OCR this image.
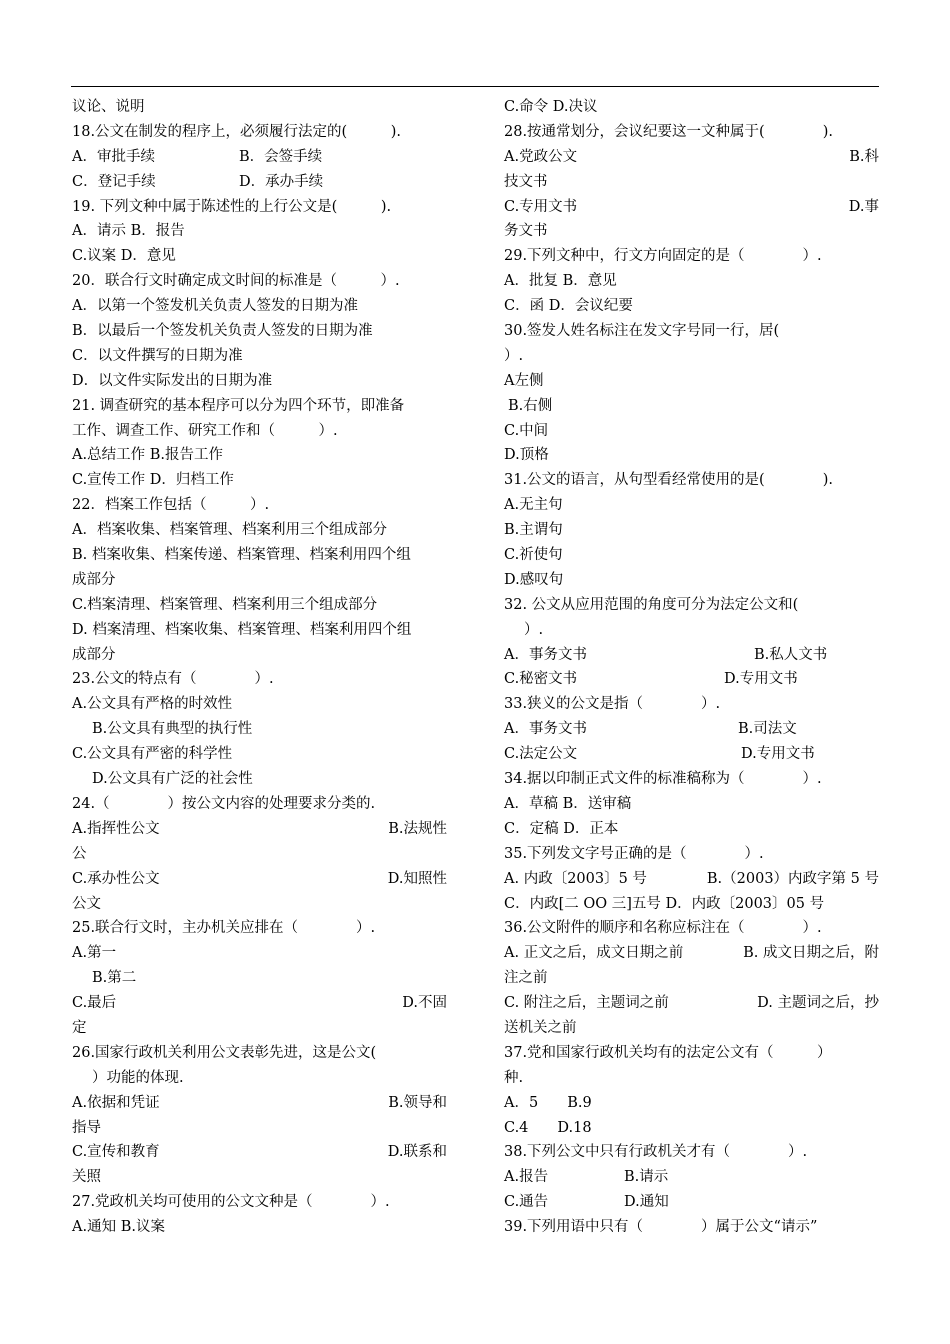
议论、说明
18.公文在制发的程序上，必须履行法定的(　　　).
A．审批手续	B．会签手续
C．登记手续	D．承办手续
19. 下列文种中属于陈述性的上行公文是(　　　).
A．请示 B．报告
C.议案 D．意见
20．联合行文时确定成文时间的标准是（　　　）.
A．以第一个签发机关负责人签发的日期为准
B．以最后一个签发机关负责人签发的日期为准
C．以文件撰写的日期为准
D．以文件实际发出的日期为准
21. 调查研究的基本程序可以分为四个环节，即准备
工作、调查工作、研究工作和（　　　）.
A.总结工作 B.报告工作
C.宣传工作 D．归档工作
22．档案工作包括（　　　）.
A．档案收集、档案管理、档案利用三个组成部分
B. 档案收集、档案传递、档案管理、档案利用四个组
成部分
C.档案清理、档案管理、档案利用三个组成部分
D. 档案清理、档案收集、档案管理、档案利用四个组
成部分
23.公文的特点有（　　　　）.
A.公文具有严格的时效性
B.公文具有典型的执行性
C.公文具有严密的科学性
D.公文具有广泛的社会性
24.（　　　　）按公文内容的处理要求分类的.
A.指挥性公文	B.法规性
公
C.承办性公文	D.知照性
公文
25.联合行文时，主办机关应排在（　　　　）.
A.第一
B.第二
C.最后	D.不固
定
26.国家行政机关利用公文表彰先进，这是公文(
）功能的体现.
A.依据和凭证	B.领导和
指导
C.宣传和教育	D.联系和
关照
27.党政机关均可使用的公文文种是（　　　　）.
A.通知 B.议案
C.命令 D.决议
28.按通常划分，会议纪要这一文种属于(　　　　).
A.党政公文	B.科
技文书
C.专用文书	D.事
务文书
29.下列文种中，行文方向固定的是（　　　　）.
A．批复 B．意见
C．函 D．会议纪要
30.签发人姓名标注在发文字号同一行，居(
）.
A左侧
B.右侧
C.中间
D.顶格
31.公文的语言，从句型看经常使用的是(　　　　).
A.无主句
B.主谓句
C.祈使句
D.感叹句
32. 公文从应用范围的角度可分为法定公文和(
）.
A．事务文书	B.私人文书
C.秘密文书	D.专用文书
33.狭义的公文是指（　　　　）.
A．事务文书	B.司法文
C.法定公文	D.专用文书
34.据以印制正式文件的标准稿称为（　　　　）.
A．草稿 B．送审稿
C．定稿 D．正本
35.下列发文字号正确的是（　　　　）.
A. 内政〔2003〕5 号	B.（2003）内政字第 5 号
C．内政[二 OO 三]五号 D．内政〔2003〕05 号
36.公文附件的顺序和名称应标注在（　　　　）.
A. 正文之后，成文日期之前	B. 成文日期之后，附
注之前
C. 附注之后，主题词之前	D. 主题词之后，抄
送机关之前
37.党和国家行政机关均有的法定公文有（　　　）
种.
A．5　　B.9
C.4　　D.18
38.下列公文中只有行政机关才有（　　　　）.
A.报告	B.请示
C.通告	D.通知
39.下列用语中只有（　　　　）属于公文“请示”
